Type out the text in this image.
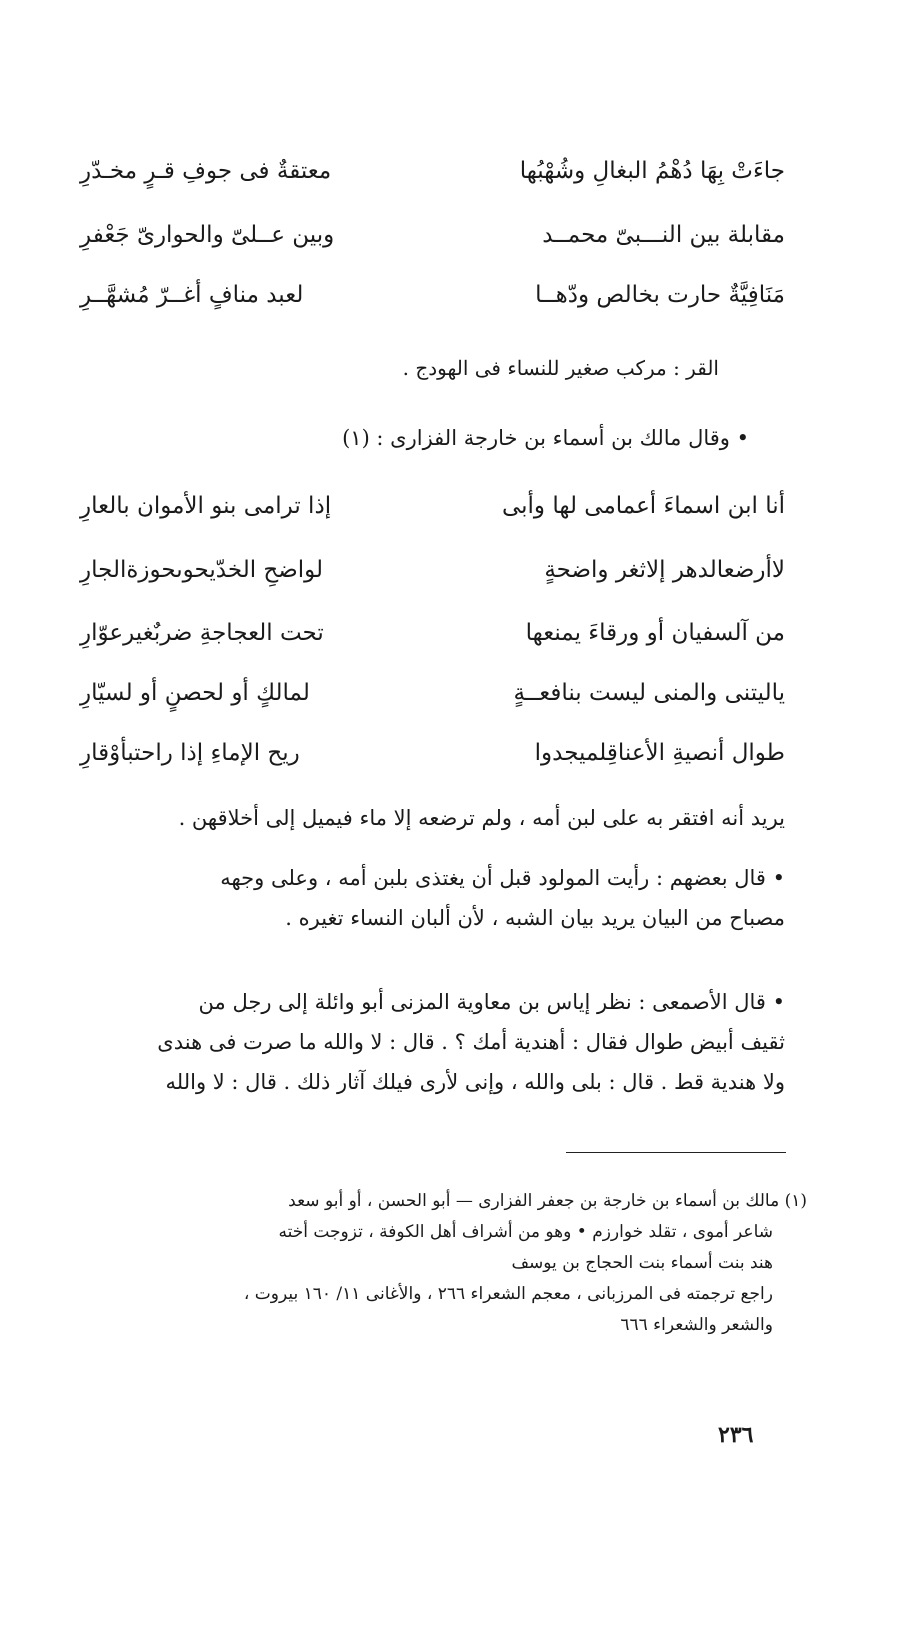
جاءَتْ بِهَا دُهْمُ البغالِ وشُهْبُها
معتقةٌ فى جوفِ قـرٍ مخـدّرِ
مقابلة بين النـــبىّ محمــد
وبين عــلىّ والحوارىّ جَعْفرِ
مَنَافِيَّةٌ حارت بخالص ودّهــا
لعبد منافٍ أغــرّ مُشهَّــرِ
القر : مركب صغير للنساء فى الهودج .
• وقال مالك بن أسماء بن خارجة الفزارى : (١)
أنا ابن اسماءَ أعمامى لها وأبى
إذا ترامى بنو الأموان بالعارِ
لاأرضعالدهر إلاثغر واضحةٍ
لواضحِ الخدّيحوىحوزةالجارِ
من آلسفيان أو ورقاءَ يمنعها
تحت العجاجةِ ضربٌغيرعوّارِ
ياليتنى والمنى ليست بنافعــةٍ
لمالكٍ أو لحصنٍ أو لسيّارِ
طوال أنصيةِ الأعناقِلميجدوا
ريح الإماءِ إذا راحتبأوْقارِ
يريد أنه افتقر به على لبن أمه ، ولم ترضعه إلا ماء فيميل إلى أخلاقهن .
• قال بعضهم : رأيت المولود قبل أن يغتذى بلبن أمه ، وعلى وجهه
مصباح من البيان يريد بيان الشبه ، لأن ألبان النساء تغيره .
• قال الأصمعى : نظر إياس بن معاوية المزنى أبو وائلة إلى رجل من
ثقيف أبيض طوال فقال : أهندية أمك ؟ . قال : لا والله ما صرت فى هندى
ولا هندية قط . قال : بلى والله ، وإنى لأرى فيلك آثار ذلك . قال : لا والله
(١) مالك بن أسماء بن خارجة بن جعفر الفزارى — أبو الحسن ، أو أبو سعد
شاعر أموى ، تقلد خوارزم • وهو من أشراف أهل الكوفة ، تزوجت أخته
هند بنت أسماء بنت الحجاج بن يوسف
راجع ترجمته فى المرزبانى ، معجم الشعراء ٢٦٦ ، والأغانى ١١/ ١٦٠ بيروت ،
والشعر والشعراء ٦٦٦
٢٣٦
